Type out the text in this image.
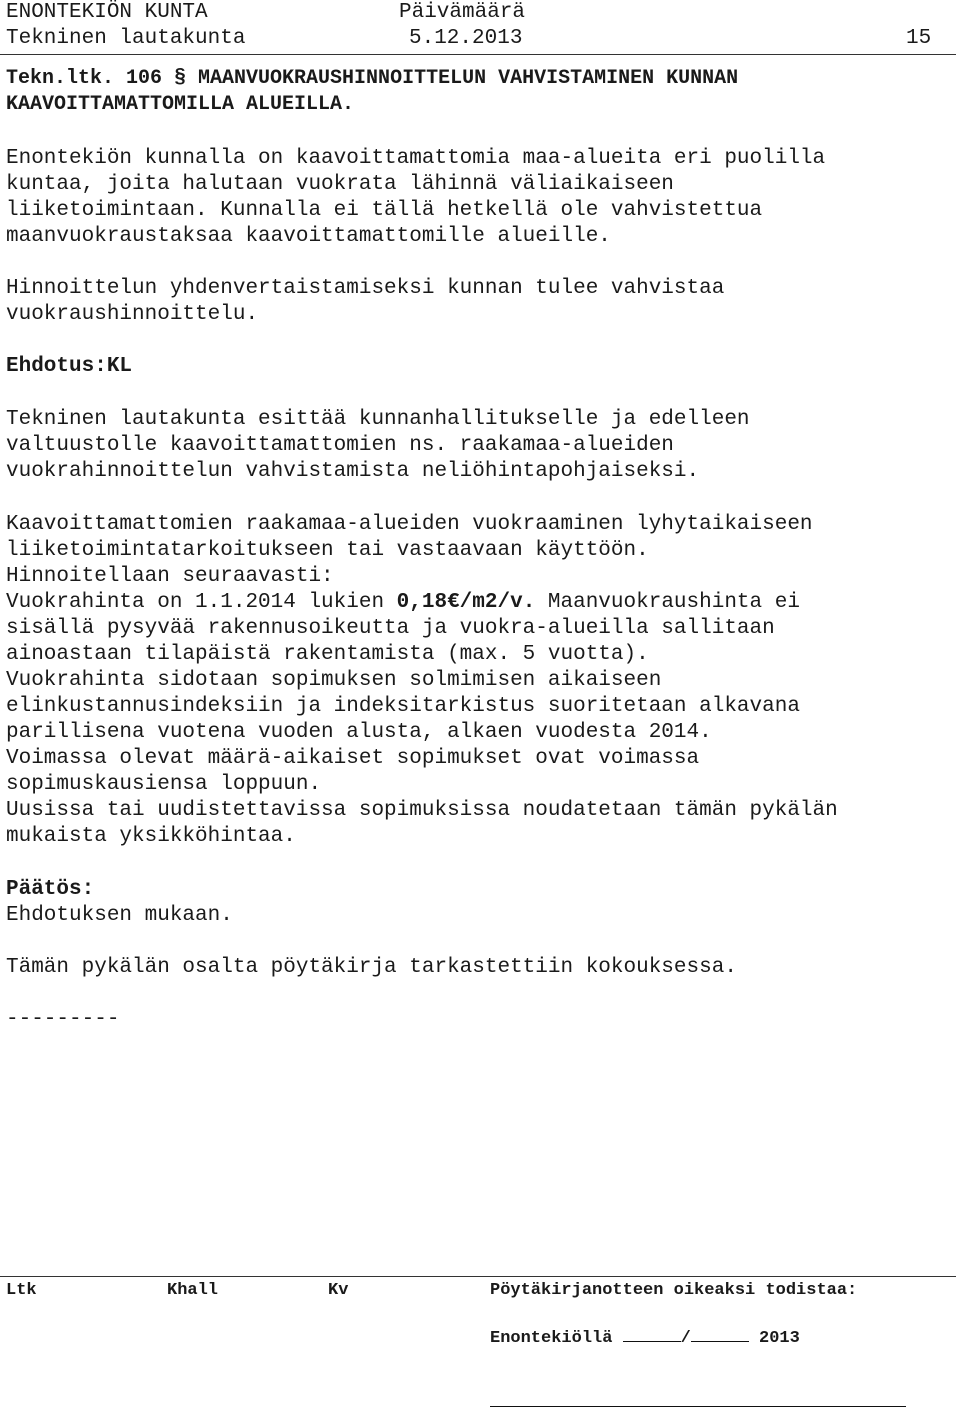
ENONTEKIÖN KUNTA	Päivämäärä
Tekninen lautakunta	5.12.2013	15
Tekn.ltk. 106 § MAANVUOKRAUSHINNOITTELUN VAHVISTAMINEN KUNNAN
KAAVOITTAMATTOMILLA ALUEILLA.
Enontekiön kunnalla on kaavoittamattomia maa-alueita eri puolilla
kuntaa, joita halutaan vuokrata lähinnä väliaikaiseen
liiketoimintaan. Kunnalla ei tällä hetkellä ole vahvistettua
maanvuokraustaksaa kaavoittamattomille alueille.
Hinnoittelun yhdenvertaistamiseksi kunnan tulee vahvistaa
vuokraushinnoittelu.
Ehdotus:KL
Tekninen lautakunta esittää kunnanhallitukselle ja edelleen
valtuustolle kaavoittamattomien ns. raakamaa-alueiden
vuokrahinnoittelun vahvistamista neliöhintapohjaiseksi.
Kaavoittamattomien raakamaa-alueiden vuokraaminen lyhytaikaiseen
liiketoimintatarkoitukseen tai vastaavaan käyttöön.
Hinnoitellaan seuraavasti:
Vuokrahinta on 1.1.2014 lukien 0,18€/m2/v. Maanvuokraushinta ei
sisällä pysyvää rakennusoikeutta ja vuokra-alueilla sallitaan
ainoastaan tilapäistä rakentamista (max. 5 vuotta).
Vuokrahinta sidotaan sopimuksen solmimisen aikaiseen
elinkustannusindeksiin ja indeksitarkistus suoritetaan alkavana
parillisena vuotena vuoden alusta, alkaen vuodesta 2014.
Voimassa olevat määrä-aikaiset sopimukset ovat voimassa
sopimuskausiensa loppuun.
Uusissa tai uudistettavissa sopimuksissa noudatetaan tämän pykälän
mukaista yksikköhintaa.
Päätös:
Ehdotuksen mukaan.
Tämän pykälän osalta pöytäkirja tarkastettiin kokouksessa.
---------
Ltk	Khall	Kv	Pöytäkirjanotteen oikeaksi todistaa:
Enontekiöllä	/	2013
